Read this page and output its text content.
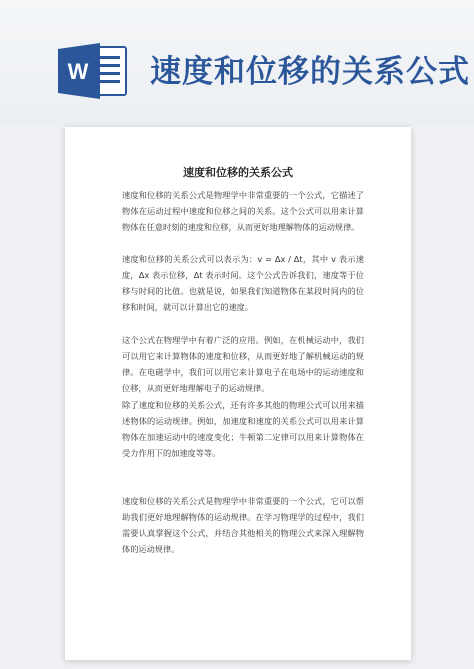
W 速度和位移的关系公式
速度和位移的关系公式

速度和位移的关系公式是物理学中非常重要的一个公式，它描述了物体在运动过程中速度和位移之间的关系。这个公式可以用来计算物体在任意时刻的速度和位移，从而更好地理解物体的运动规律。

速度和位移的关系公式可以表示为：v = Δx / Δt，其中 v 表示速度，Δx 表示位移，Δt 表示时间。这个公式告诉我们，速度等于位移与时间的比值。也就是说，如果我们知道物体在某段时间内的位移和时间，就可以计算出它的速度。

这个公式在物理学中有着广泛的应用。例如，在机械运动中，我们可以用它来计算物体的速度和位移，从而更好地了解机械运动的规律。在电磁学中，我们可以用它来计算电子在电场中的运动速度和位移，从而更好地理解电子的运动规律。

除了速度和位移的关系公式，还有许多其他的物理公式可以用来描述物体的运动规律。例如，加速度和速度的关系公式可以用来计算物体在加速运动中的速度变化；牛顿第二定律可以用来计算物体在受力作用下的加速度等等。

速度和位移的关系公式是物理学中非常重要的一个公式，它可以帮助我们更好地理解物体的运动规律。在学习物理学的过程中，我们需要认真掌握这个公式，并结合其他相关的物理公式来深入理解物体的运动规律。
